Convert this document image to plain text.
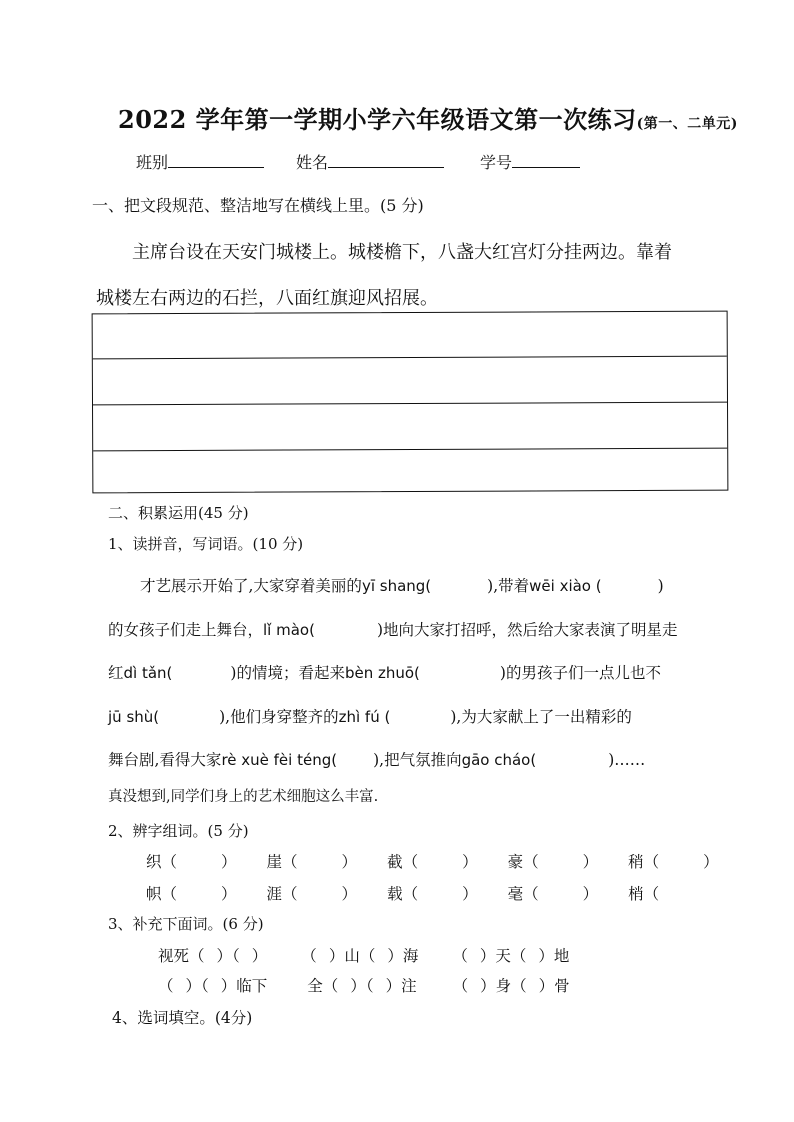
2022 学年第一学期小学六年级语文第一次练习(第一、二单元)
班别	姓名	学号
一、把文段规范、整洁地写在横线上里。(5 分)
主席台设在天安门城楼上。城楼檐下，八盏大红宫灯分挂两边。靠着
城楼左右两边的石拦，八面红旗迎风招展。
二、积累运用(45 分)
1、读拼音，写词语。(10 分)
才艺展示开始了,大家穿着美丽的yī shang(	),带着wēi xiào (	)
的女孩子们走上舞台，lǐ mào(	)地向大家打招呼，然后给大家表演了明星走
红dì tǎn(	)的情境；看起来bèn zhuō(	)的男孩子们一点儿也不
jū shù(	),他们身穿整齐的zhì fú (	),为大家献上了一出精彩的
舞台剧,看得大家rè xuè fèi téng( ),把气氛推向gāo cháo(	)……
真没想到,同学们身上的艺术细胞这么丰富.
2、辨字组词。(5 分)
织（	） 崖（	） 截（	） 豪（	） 稍（	）
帜（	） 涯（	） 载（	） 毫（	） 梢（
3、补充下面词。(6 分)
视死（ ）（ ） （ ）山（ ）海 （ ）天（ ）地
（ ）（ ）临下	全（ ）（ ）注 （ ）身（ ）骨
4、选词填空。(4分)
